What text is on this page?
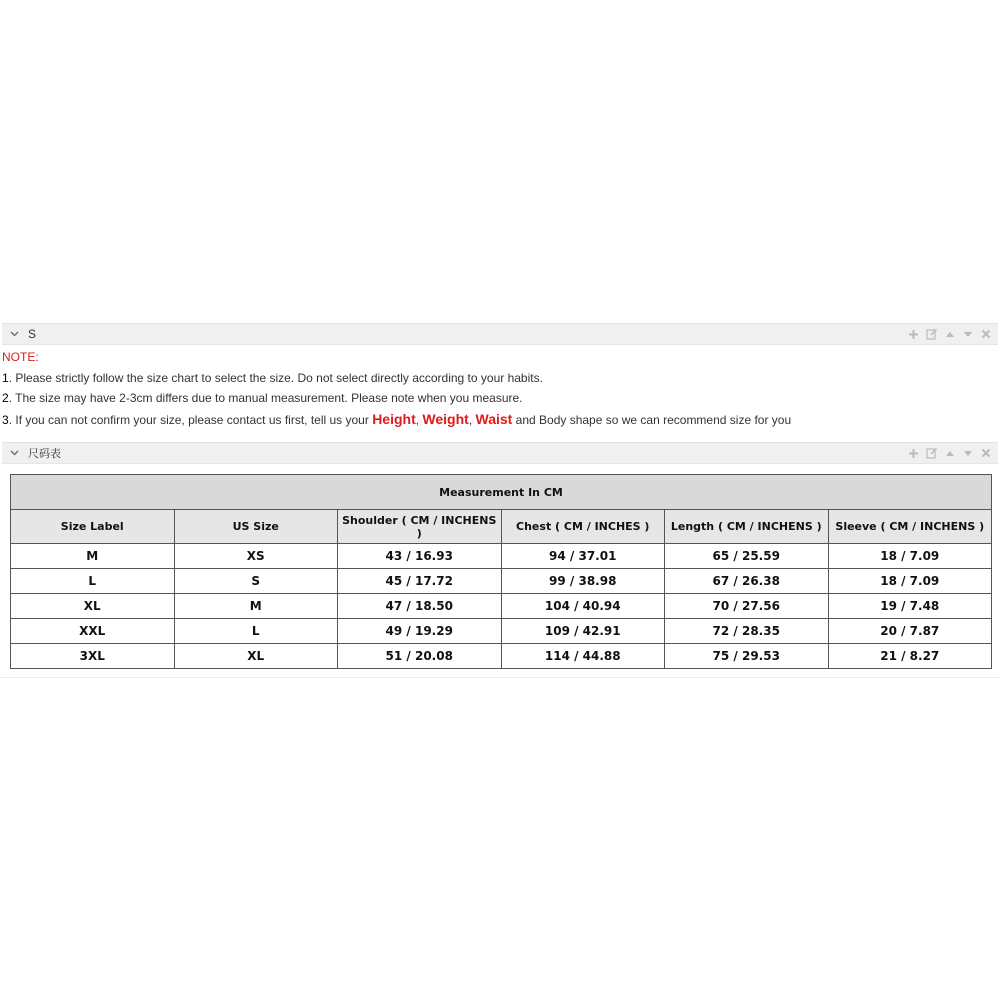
S
NOTE:
1. Please strictly follow the size chart to select the size. Do not select directly according to your habits.
2. The size may have 2-3cm differs due to manual measurement. Please note when you measure.
3. If you can not confirm your size, please contact us first, tell us your Height, Weight, Waist and Body shape so we can recommend size for you
尺码表
Measurement In CM					
Size Label	US Size	Shoulder ( CM / INCHENS )	Chest ( CM / INCHES )	Length ( CM / INCHENS )	Sleeve ( CM / INCHENS )
M	XS	43 / 16.93	94 / 37.01	65 / 25.59	18 / 7.09
L	S	45 / 17.72	99 / 38.98	67 / 26.38	18 / 7.09
XL	M	47 / 18.50	104 / 40.94	70 / 27.56	19 / 7.48
XXL	L	49 / 19.29	109 / 42.91	72 / 28.35	20 / 7.87
3XL	XL	51 / 20.08	114 / 44.88	75 / 29.53	21 / 8.27
